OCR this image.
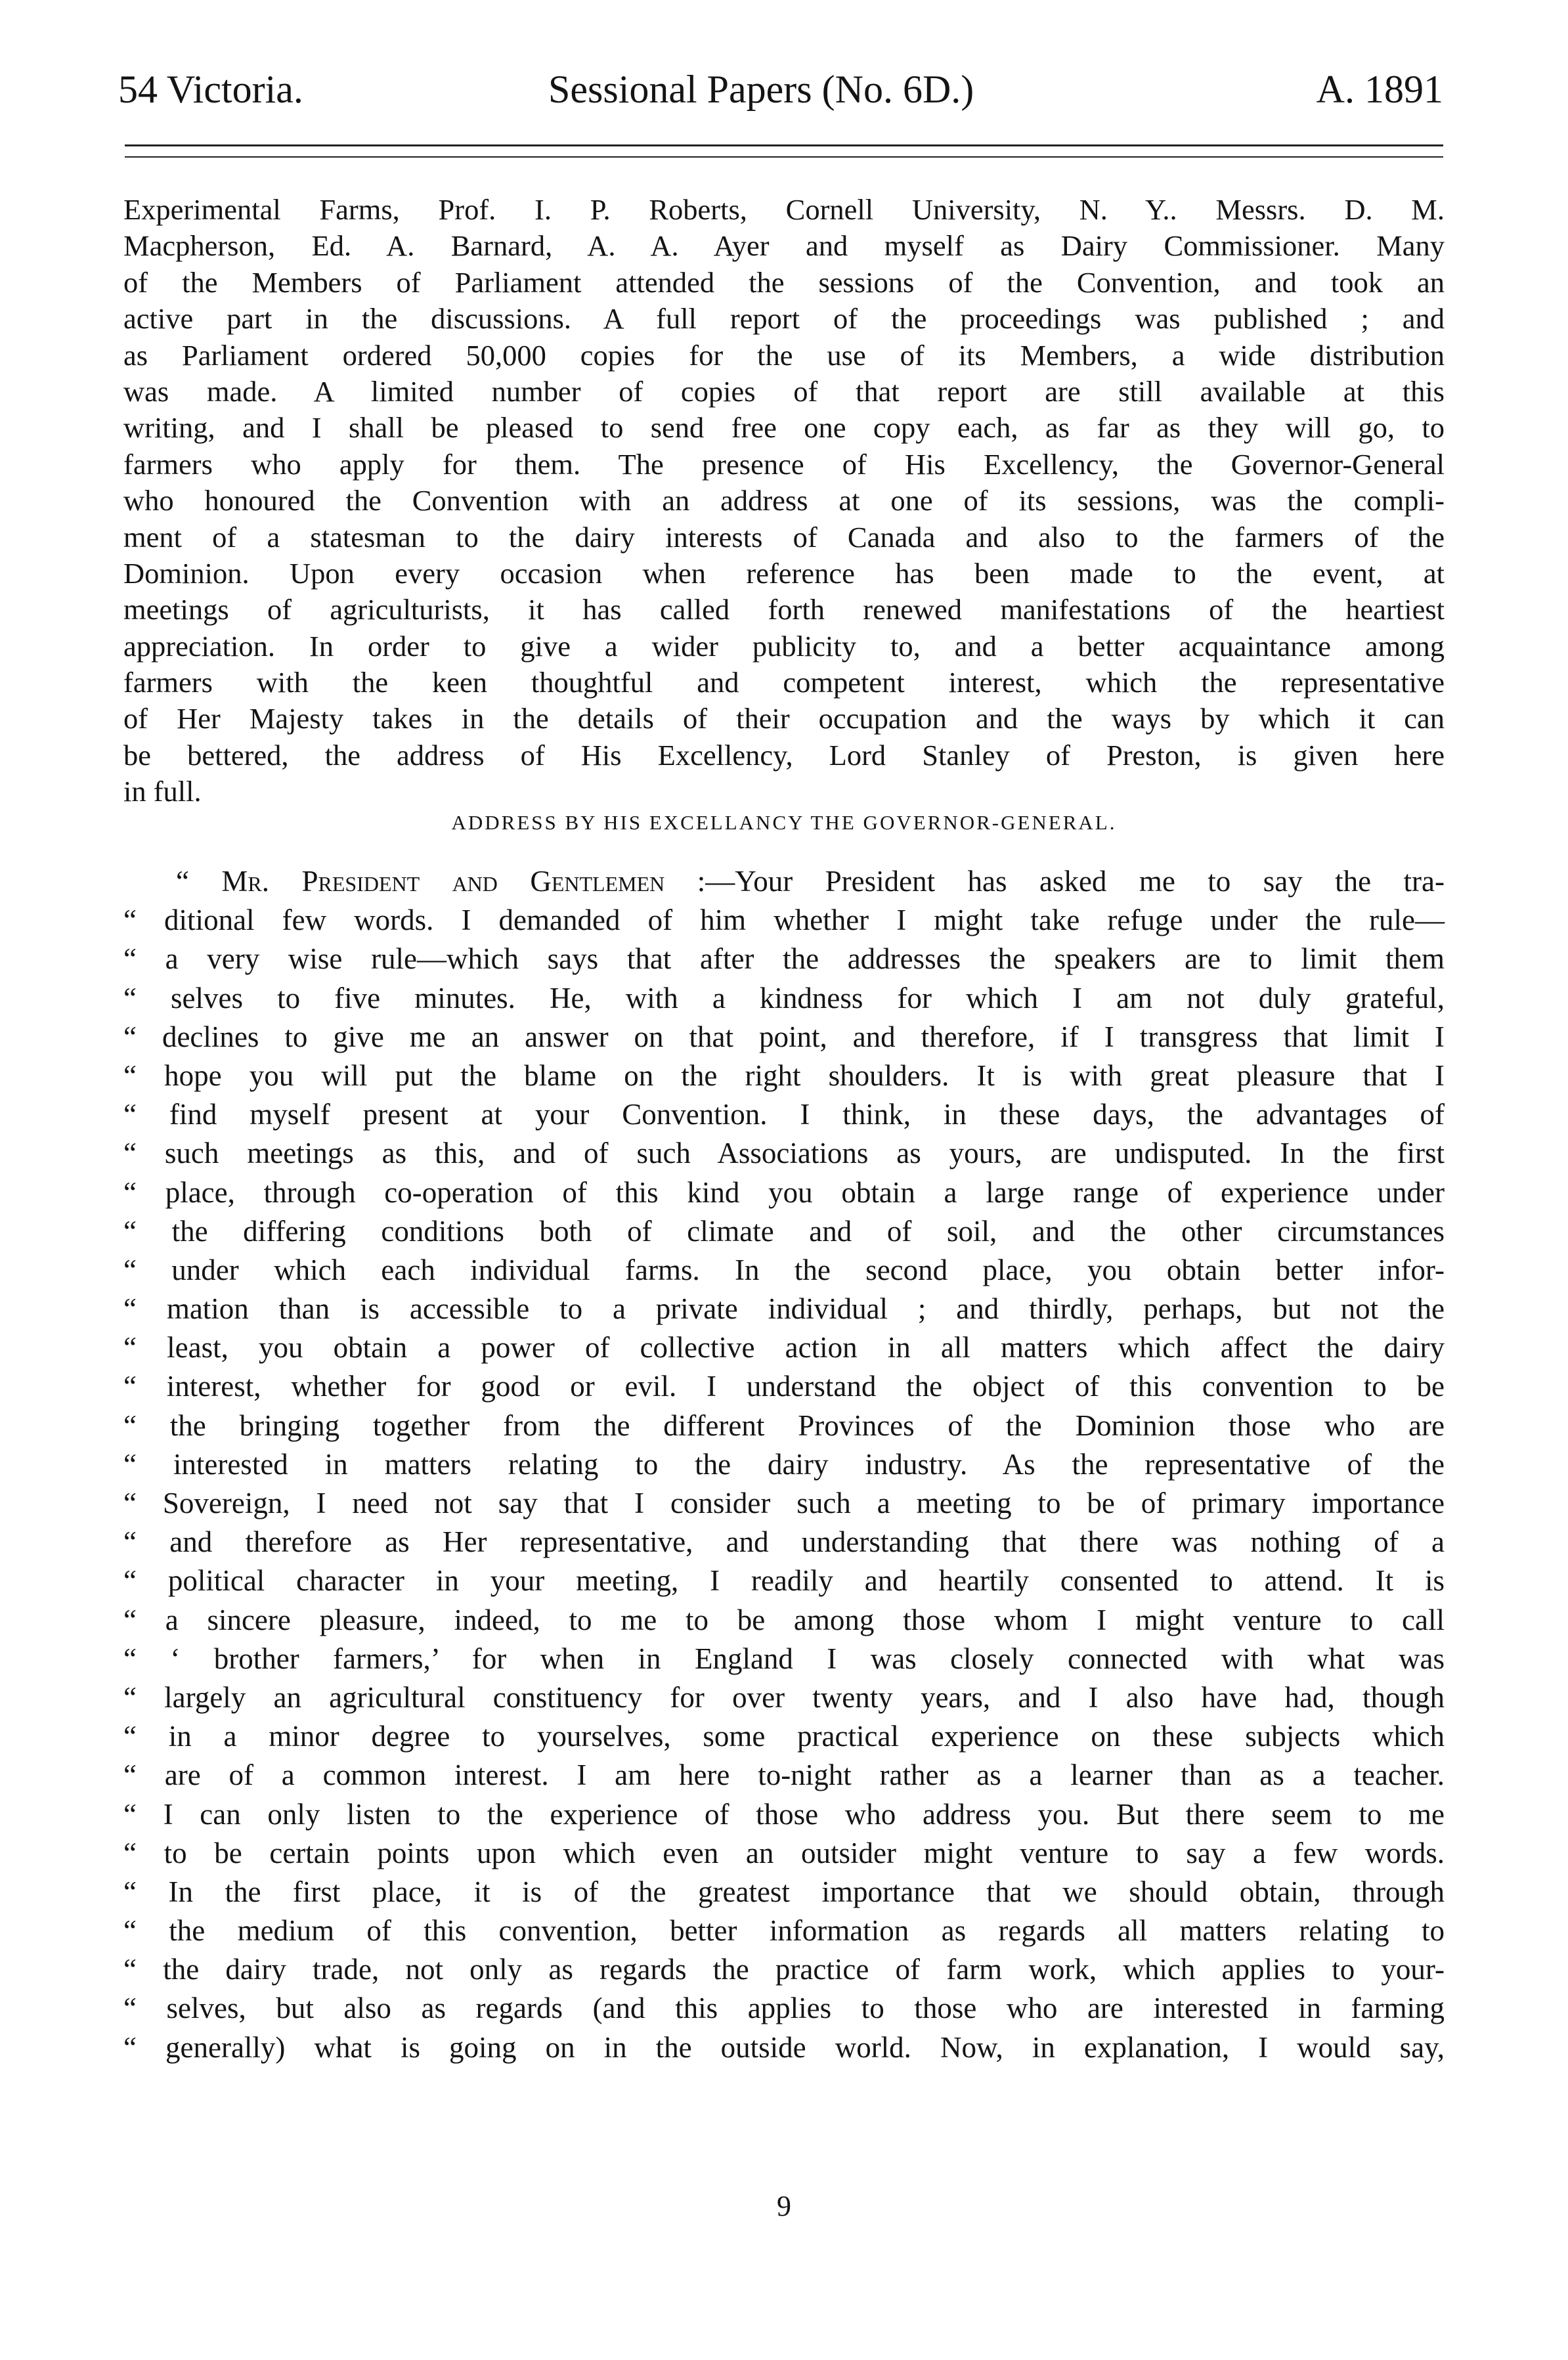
54 Victoria.	Sessional Papers (No. 6D.)	A. 1891
Experimental Farms, Prof. I. P. Roberts, Cornell University, N. Y.. Messrs. D. M.
Macpherson, Ed. A. Barnard, A. A. Ayer and myself as Dairy Commissioner. Many
of the Members of Parliament attended the sessions of the Convention, and took an
active part in the discussions. A full report of the proceedings was published ; and
as Parliament ordered 50,000 copies for the use of its Members, a wide distribution
was made. A limited number of copies of that report are still available at this
writing, and I shall be pleased to send free one copy each, as far as they will go, to
farmers who apply for them. The presence of His Excellency, the Governor-General
who honoured the Convention with an address at one of its sessions, was the compli-
ment of a statesman to the dairy interests of Canada and also to the farmers of the
Dominion. Upon every occasion when reference has been made to the event, at
meetings of agriculturists, it has called forth renewed manifestations of the heartiest
appreciation. In order to give a wider publicity to, and a better acquaintance among
farmers with the keen thoughtful and competent interest, which the representative
of Her Majesty takes in the details of their occupation and the ways by which it can
be bettered, the address of His Excellency, Lord Stanley of Preston, is given here
in full.
ADDRESS BY HIS EXCELLANCY THE GOVERNOR-GENERAL.
“ Mr. President and Gentlemen :—Your President has asked me to say the tra-
“ ditional few words. I demanded of him whether I might take refuge under the rule—
“ a very wise rule—which says that after the addresses the speakers are to limit them
“ selves to five minutes. He, with a kindness for which I am not duly grateful,
“ declines to give me an answer on that point, and therefore, if I transgress that limit I
“ hope you will put the blame on the right shoulders. It is with great pleasure that I
“ find myself present at your Convention. I think, in these days, the advantages of
“ such meetings as this, and of such Associations as yours, are undisputed. In the first
“ place, through co-operation of this kind you obtain a large range of experience under
“ the differing conditions both of climate and of soil, and the other circumstances
“ under which each individual farms. In the second place, you obtain better infor-
“ mation than is accessible to a private individual ; and thirdly, perhaps, but not the
“ least, you obtain a power of collective action in all matters which affect the dairy
“ interest, whether for good or evil. I understand the object of this convention to be
“ the bringing together from the different Provinces of the Dominion those who are
“ interested in matters relating to the dairy industry. As the representative of the
“ Sovereign, I need not say that I consider such a meeting to be of primary importance
“ and therefore as Her representative, and understanding that there was nothing of a
“ political character in your meeting, I readily and heartily consented to attend. It is
“ a sincere pleasure, indeed, to me to be among those whom I might venture to call
“ ‘ brother farmers,’ for when in England I was closely connected with what was
“ largely an agricultural constituency for over twenty years, and I also have had, though
“ in a minor degree to yourselves, some practical experience on these subjects which
“ are of a common interest. I am here to-night rather as a learner than as a teacher.
“ I can only listen to the experience of those who address you. But there seem to me
“ to be certain points upon which even an outsider might venture to say a few words.
“ In the first place, it is of the greatest importance that we should obtain, through
“ the medium of this convention, better information as regards all matters relating to
“ the dairy trade, not only as regards the practice of farm work, which applies to your-
“ selves, but also as regards (and this applies to those who are interested in farming
“ generally) what is going on in the outside world. Now, in explanation, I would say,
9
